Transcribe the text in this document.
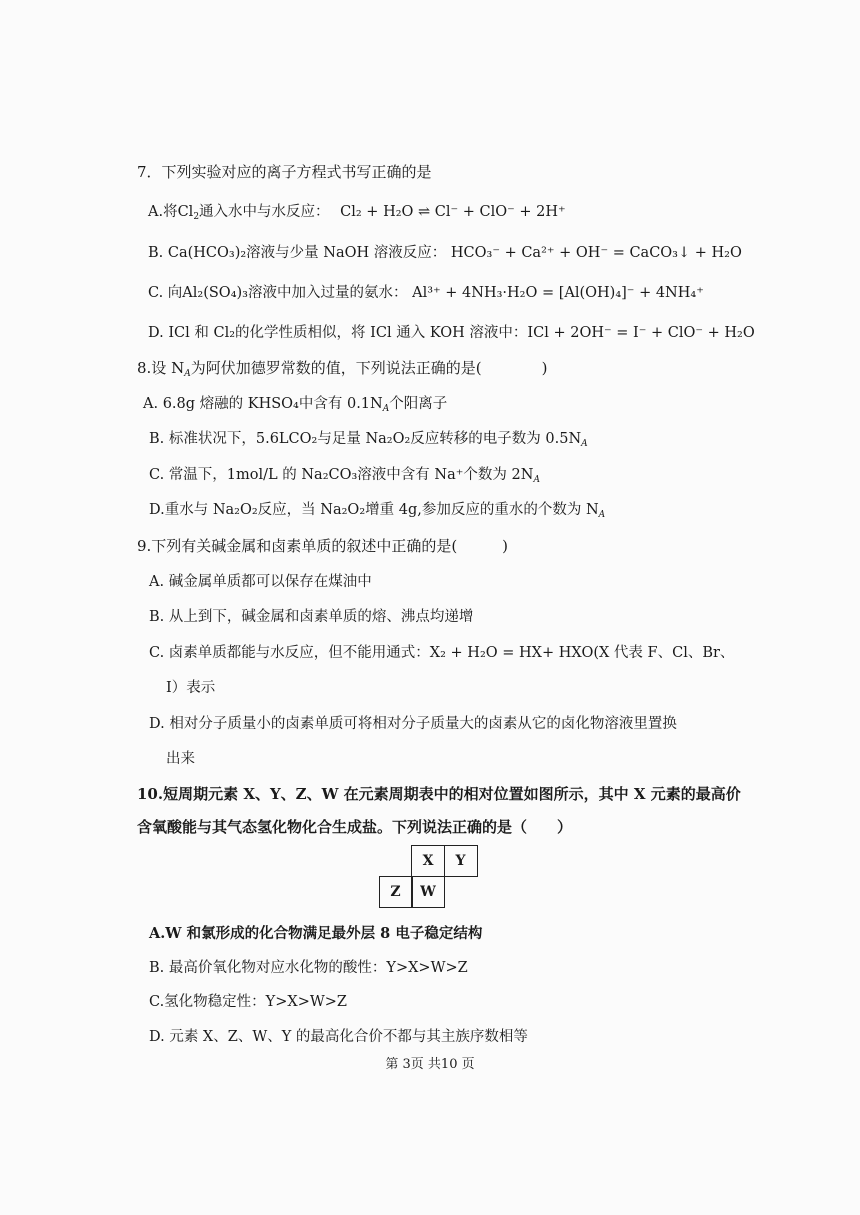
7．下列实验对应的离子方程式书写正确的是
A.将$Cl_2$通入水中与水反应： Cl₂ + H₂O ⇌ Cl⁻ + ClO⁻ + 2H⁺
B. Ca(HCO₃)₂溶液与少量 NaOH 溶液反应： HCO₃⁻ + Ca²⁺ + OH⁻ = CaCO₃↓ + H₂O
C. 向Al₂(SO₄)₃溶液中加入过量的氨水： Al³⁺ + 4NH₃·H₂O = [Al(OH)₄]⁻ + 4NH₄⁺
D. ICl 和 Cl₂的化学性质相似，将 ICl 通入 KOH 溶液中：ICl + 2OH⁻ = I⁻ + ClO⁻ + H₂O
8.设 $N_A$为阿伏加德罗常数的值，下列说法正确的是(　　　　)
A. 6.8g 熔融的 KHSO₄中含有 $0.1N_A$个阳离子
B. 标准状况下，5.6LCO₂与足量 Na₂O₂反应转移的电子数为 $0.5N_A$
C. 常温下，1mol/L 的 Na₂CO₃溶液中含有 Na⁺个数为 $2N_A$
D.重水与 Na₂O₂反应，当 Na₂O₂增重 4g,参加反应的重水的个数为 $N_A$
9.下列有关碱金属和卤素单质的叙述中正确的是(　　　)
A. 碱金属单质都可以保存在煤油中
B. 从上到下，碱金属和卤素单质的熔、沸点均递增
C. 卤素单质都能与水反应，但不能用通式：X₂ + H₂O = HX+ HXO(X 代表 F、Cl、Br、
I）表示
D. 相对分子质量小的卤素单质可将相对分子质量大的卤素从它的卤化物溶液里置换
出来
10.短周期元素 X、Y、Z、W 在元素周期表中的相对位置如图所示，其中 X 元素的最高价
含氧酸能与其气态氢化物化合生成盐。下列说法正确的是（　　）
X	Y
Z	W
A.W 和氯形成的化合物满足最外层 8 电子稳定结构
B. 最高价氧化物对应水化物的酸性：Y>X>W>Z
C.氢化物稳定性：Y>X>W>Z
D. 元素 X、Z、W、Y 的最高化合价不都与其主族序数相等
第 3页 共10 页
